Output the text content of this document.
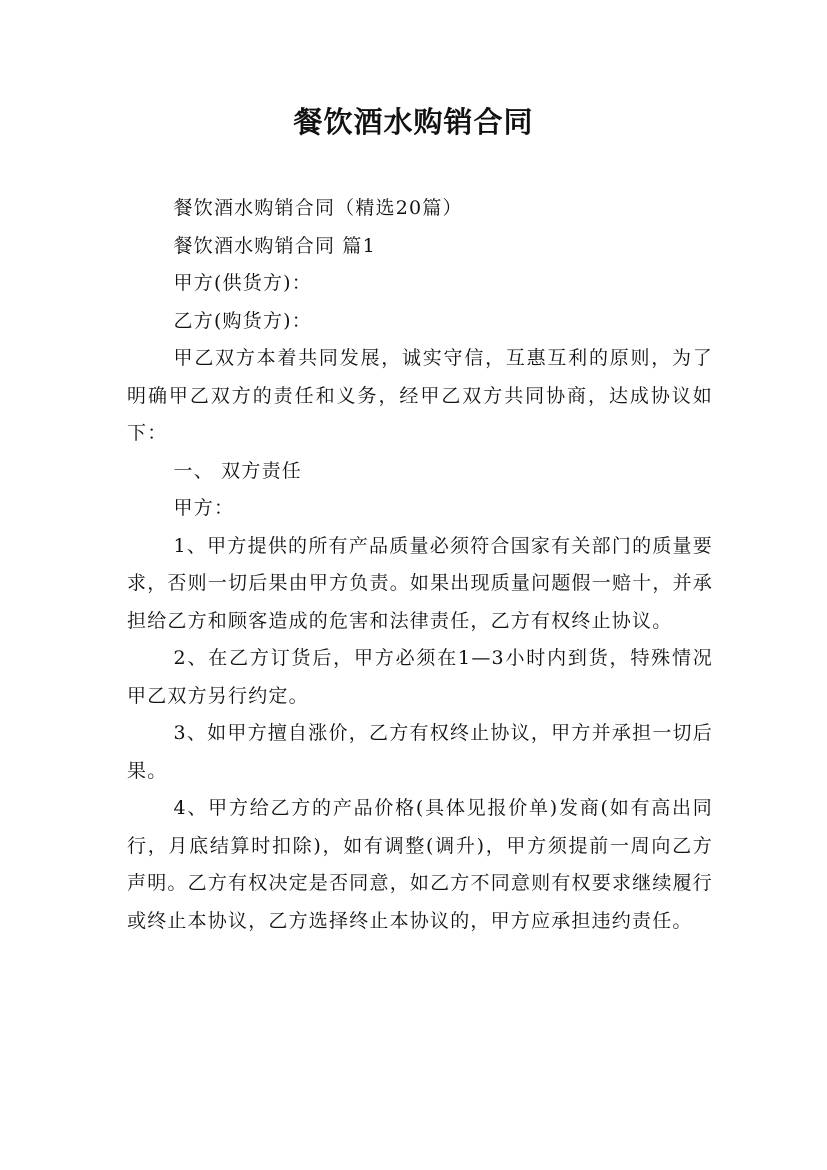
餐饮酒水购销合同

餐饮酒水购销合同（精选20篇）

餐饮酒水购销合同 篇1

甲方(供货方)：

乙方(购货方)：

甲乙双方本着共同发展，诚实守信，互惠互利的原则，为了明确甲乙双方的责任和义务，经甲乙双方共同协商，达成协议如下：

一、 双方责任

甲方：

1、甲方提供的所有产品质量必须符合国家有关部门的质量要求，否则一切后果由甲方负责。如果出现质量问题假一赔十，并承担给乙方和顾客造成的危害和法律责任，乙方有权终止协议。

2、在乙方订货后，甲方必须在1—3小时内到货，特殊情况甲乙双方另行约定。

3、如甲方擅自涨价，乙方有权终止协议，甲方并承担一切后果。

4、甲方给乙方的产品价格(具体见报价单)发商(如有高出同行，月底结算时扣除)，如有调整(调升)，甲方须提前一周向乙方声明。乙方有权决定是否同意，如乙方不同意则有权要求继续履行或终止本协议，乙方选择终止本协议的，甲方应承担违约责任。
